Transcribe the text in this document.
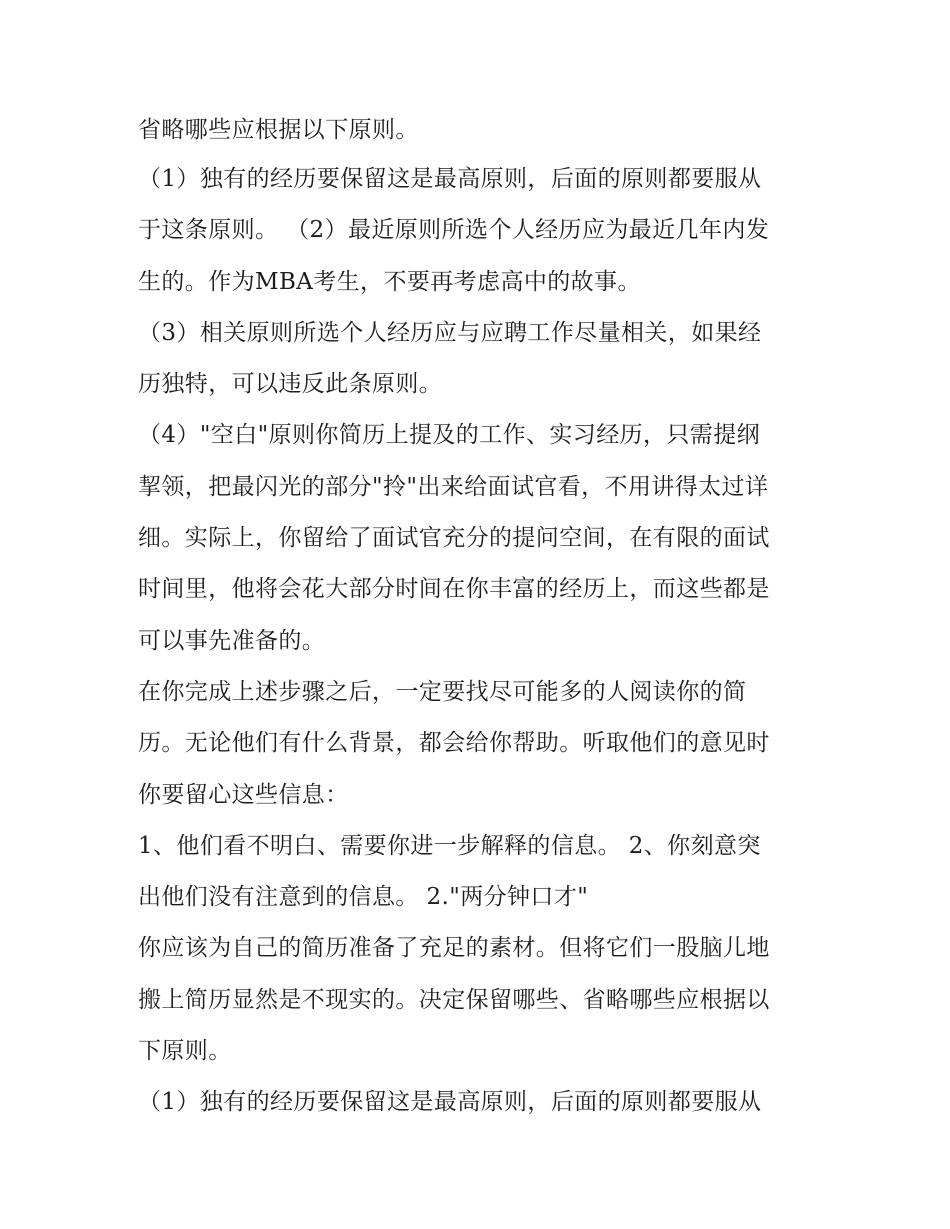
省略哪些应根据以下原则。
（1）独有的经历要保留这是最高原则，后面的原则都要服从
于这条原则。 （2）最近原则所选个人经历应为最近几年内发
生的。作为MBA考生，不要再考虑高中的故事。
（3）相关原则所选个人经历应与应聘工作尽量相关，如果经
历独特，可以违反此条原则。
（4）"空白"原则你简历上提及的工作、实习经历，只需提纲
挈领，把最闪光的部分"拎"出来给面试官看，不用讲得太过详
细。实际上，你留给了面试官充分的提问空间，在有限的面试
时间里，他将会花大部分时间在你丰富的经历上，而这些都是
可以事先准备的。
在你完成上述步骤之后，一定要找尽可能多的人阅读你的简
历。无论他们有什么背景，都会给你帮助。听取他们的意见时
你要留心这些信息：
1、他们看不明白、需要你进一步解释的信息。 2、你刻意突
出他们没有注意到的信息。 2."两分钟口才"
你应该为自己的简历准备了充足的素材。但将它们一股脑儿地
搬上简历显然是不现实的。决定保留哪些、省略哪些应根据以
下原则。
（1）独有的经历要保留这是最高原则，后面的原则都要服从
